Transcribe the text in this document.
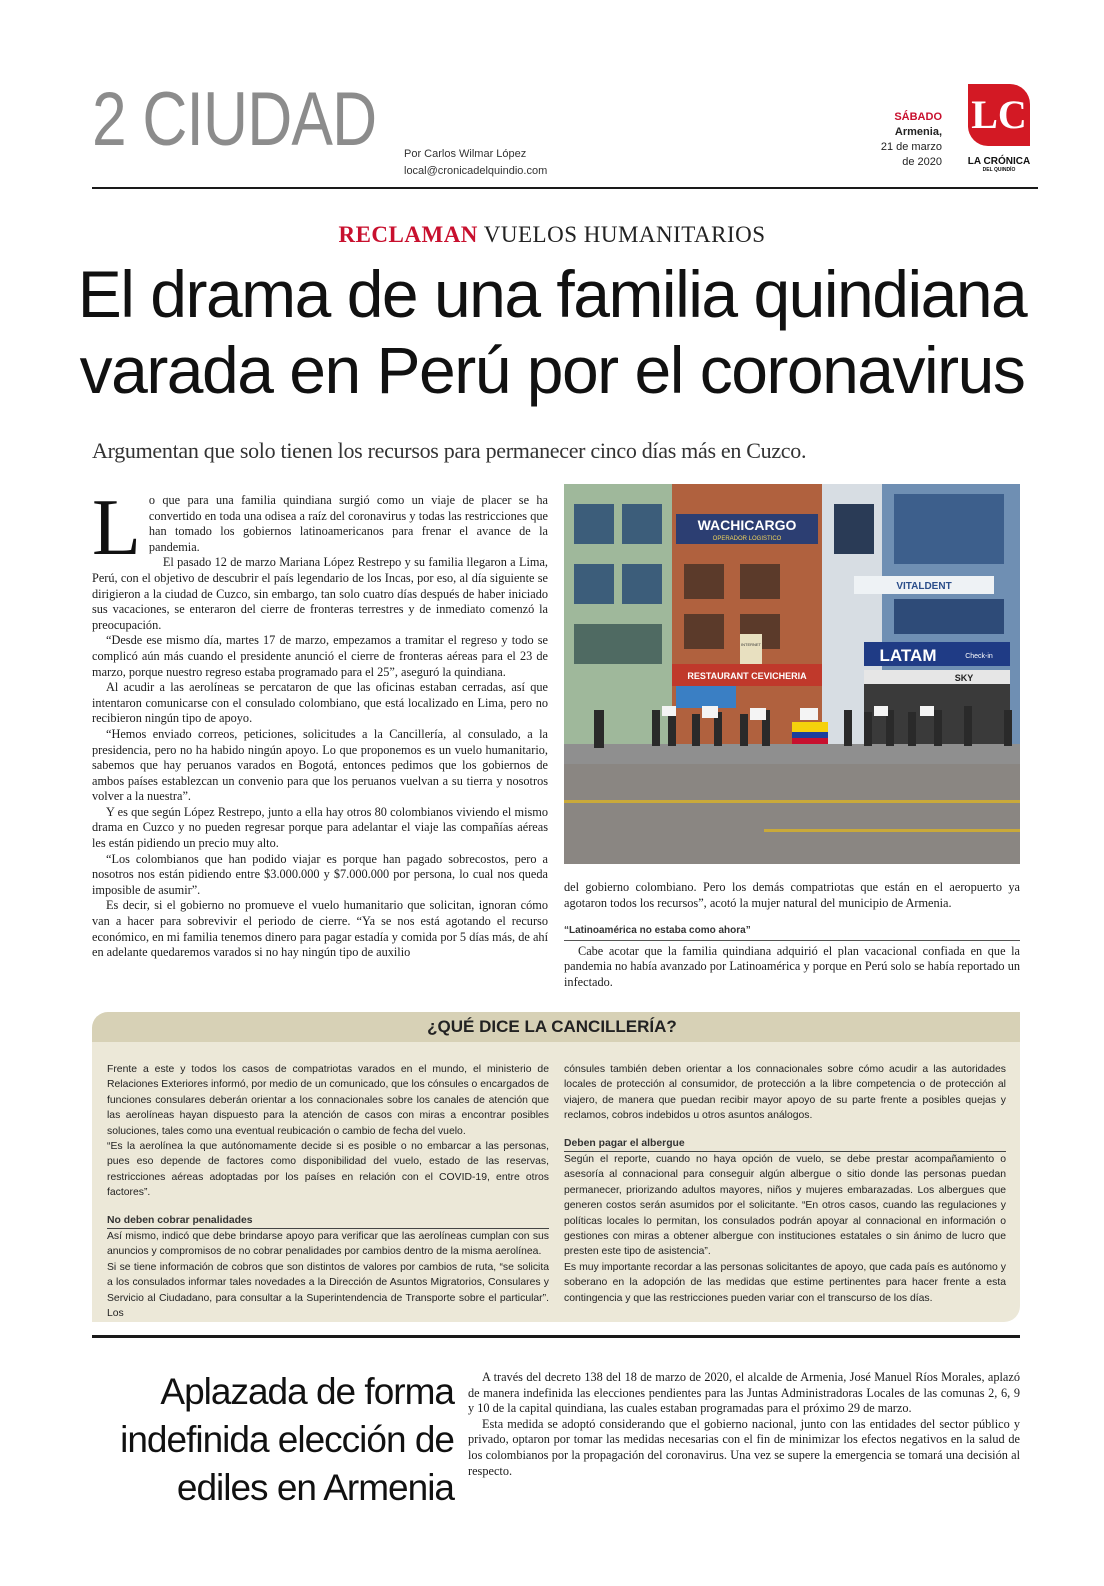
2 CIUDAD	Por Carlos Wilmar López
local@cronicadelquindio.com
SÁBADO
Armenia,
21 de marzo
de 2020
LC
LA CRÓNICA
DEL QUINDÍO
RECLAMAN VUELOS HUMANITARIOS
El drama de una familia quindiana
varada en Perú por el coronavirus
Argumentan que solo tienen los recursos para permanecer cinco días más en Cuzco.
L o que para una familia quindiana surgió como un viaje de placer se ha convertido en toda una odisea a raíz del coronavirus y todas las restricciones que han tomado los gobiernos latinoamericanos para frenar el avance de la pandemia.

El pasado 12 de marzo Mariana López Restrepo y su familia llegaron a Lima, Perú, con el objetivo de descubrir el país legendario de los Incas, por eso, al día siguiente se dirigieron a la ciudad de Cuzco, sin embargo, tan solo cuatro días después de haber iniciado sus vacaciones, se enteraron del cierre de fronteras terrestres y de inmediato comenzó la preocupación.

“Desde ese mismo día, martes 17 de marzo, empezamos a tramitar el regreso y todo se complicó aún más cuando el presidente anunció el cierre de fronteras aéreas para el 23 de marzo, porque nuestro regreso estaba programado para el 25”, aseguró la quindiana.

Al acudir a las aerolíneas se percataron de que las oficinas estaban cerradas, así que intentaron comunicarse con el consulado colombiano, que está localizado en Lima, pero no recibieron ningún tipo de apoyo.

“Hemos enviado correos, peticiones, solicitudes a la Cancillería, al consulado, a la presidencia, pero no ha habido ningún apoyo. Lo que proponemos es un vuelo humanitario, sabemos que hay peruanos varados en Bogotá, entonces pedimos que los gobiernos de ambos países establezcan un convenio para que los peruanos vuelvan a su tierra y nosotros volver a la nuestra”.

Y es que según López Restrepo, junto a ella hay otros 80 colombianos viviendo el mismo drama en Cuzco y no pueden regresar porque para adelantar el viaje las compañías aéreas les están pidiendo un precio muy alto.

“Los colombianos que han podido viajar es porque han pagado sobrecostos, pero a nosotros nos están pidiendo entre $3.000.000 y $7.000.000 por persona, lo cual nos queda imposible de asumir”.

Es decir, si el gobierno no promueve el vuelo humanitario que solicitan, ignoran cómo van a hacer para sobrevivir el periodo de cierre. “Ya se nos está agotando el recurso económico, en mi familia tenemos dinero para pagar estadía y comida por 5 días más, de ahí en adelante quedaremos varados si no hay ningún tipo de auxilio

WACHICARGO
OPERADOR LOGISTICO
INTERNET
RESTAURANT CEVICHERIA
VITALDENT
LATAM	Check-in
SKY

del gobierno colombiano. Pero los demás compatriotas que están en el aeropuerto ya agotaron todos los recursos”, acotó la mujer natural del municipio de Armenia.

“Latinoamérica no estaba como ahora”

Cabe acotar que la familia quindiana adquirió el plan vacacional confiada en que la pandemia no había avanzado por Latinoamérica y porque en Perú solo se había reportado un infectado.

¿QUÉ DICE LA CANCILLERÍA?

Frente a este y todos los casos de compatriotas varados en el mundo, el ministerio de Relaciones Exteriores informó, por medio de un comunicado, que los cónsules o encargados de funciones consulares deberán orientar a los connacionales sobre los canales de atención que las aerolíneas hayan dispuesto para la atención de casos con miras a encontrar posibles soluciones, tales como una eventual reubicación o cambio de fecha del vuelo.

“Es la aerolínea la que autónomamente decide si es posible o no embarcar a las personas, pues eso depende de factores como disponibilidad del vuelo, estado de las reservas, restricciones aéreas adoptadas por los países en relación con el COVID-19, entre otros factores”.

No deben cobrar penalidades

Así mismo, indicó que debe brindarse apoyo para verificar que las aerolíneas cumplan con sus anuncios y compromisos de no cobrar penalidades por cambios dentro de la misma aerolínea.

Si se tiene información de cobros que son distintos de valores por cambios de ruta, “se solicita a los consulados informar tales novedades a la Dirección de Asuntos Migratorios, Consulares y Servicio al Ciudadano, para consultar a la Superintendencia de Transporte sobre el particular”. Los

cónsules también deben orientar a los connacionales sobre cómo acudir a las autoridades locales de protección al consumidor, de protección a la libre competencia o de protección al viajero, de manera que puedan recibir mayor apoyo de su parte frente a posibles quejas y reclamos, cobros indebidos u otros asuntos análogos.

Deben pagar el albergue

Según el reporte, cuando no haya opción de vuelo, se debe prestar acompañamiento o asesoría al connacional para conseguir algún albergue o sitio donde las personas puedan permanecer, priorizando adultos mayores, niños y mujeres embarazadas. Los albergues que generen costos serán asumidos por el solicitante. “En otros casos, cuando las regulaciones y políticas locales lo permitan, los consulados podrán apoyar al connacional en información o gestiones con miras a obtener albergue con instituciones estatales o sin ánimo de lucro que presten este tipo de asistencia”.

Es muy importante recordar a las personas solicitantes de apoyo, que cada país es autónomo y soberano en la adopción de las medidas que estime pertinentes para hacer frente a esta contingencia y que las restricciones pueden variar con el transcurso de los días.

Aplazada de forma
indefinida elección de
ediles en Armenia

A través del decreto 138 del 18 de marzo de 2020, el alcalde de Armenia, José Manuel Ríos Morales, aplazó de manera indefinida las elecciones pendientes para las Juntas Administradoras Locales de las comunas 2, 6, 9 y 10 de la capital quindiana, las cuales estaban programadas para el próximo 29 de marzo.

Esta medida se adoptó considerando que el gobierno nacional, junto con las entidades del sector público y privado, optaron por tomar las medidas necesarias con el fin de minimizar los efectos negativos en la salud de los colombianos por la propagación del coronavirus. Una vez se supere la emergencia se tomará una decisión al respecto.
